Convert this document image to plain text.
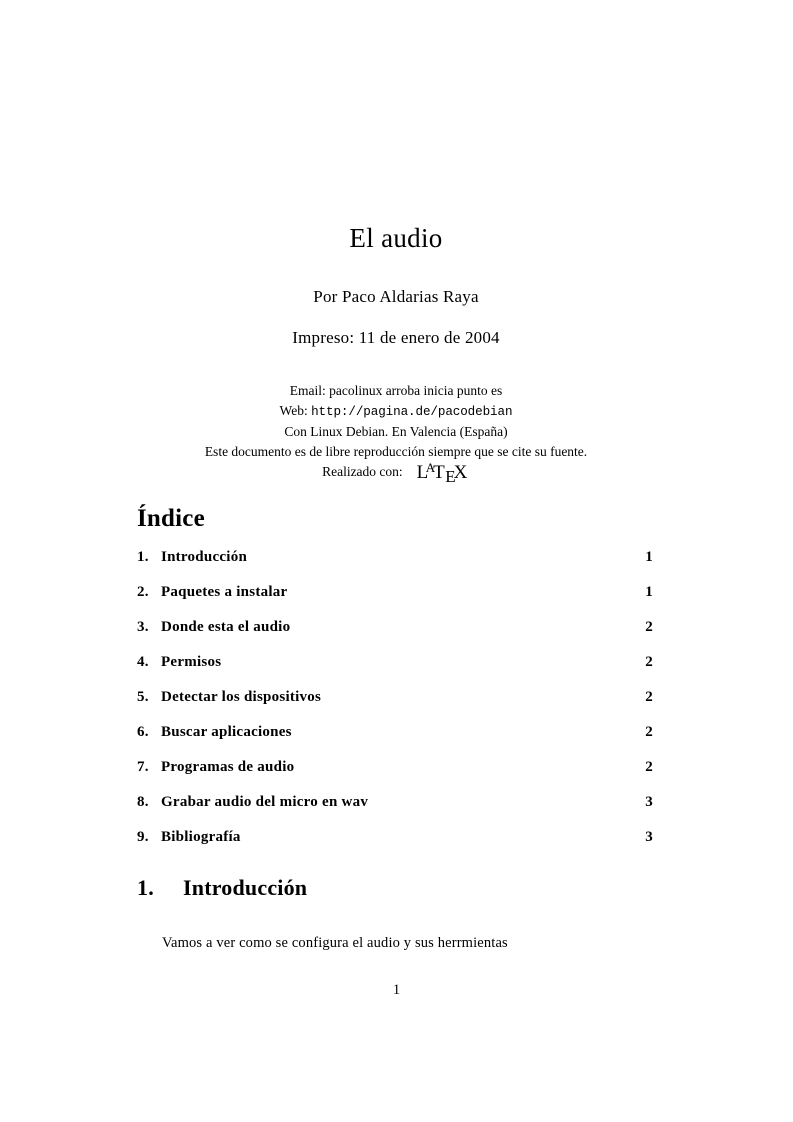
El audio

Por Paco Aldarias Raya

Impreso: 11 de enero de 2004

Email: pacolinux arroba inicia punto es
Web: http://pagina.de/pacodebian
Con Linux Debian. En Valencia (España)
Este documento es de libre reproducción siempre que se cite su fuente.
Realizado con: $L^ATEX$
Índice
1. Introducción	1
2. Paquetes a instalar	1
3. Donde esta el audio	2
4. Permisos	2
5. Detectar los dispositivos	2
6. Buscar aplicaciones	2
7. Programas de audio	2
8. Grabar audio del micro en wav	3
9. Bibliografía	3
1.	Introducción

Vamos a ver como se configura el audio y sus herrmientas

1
